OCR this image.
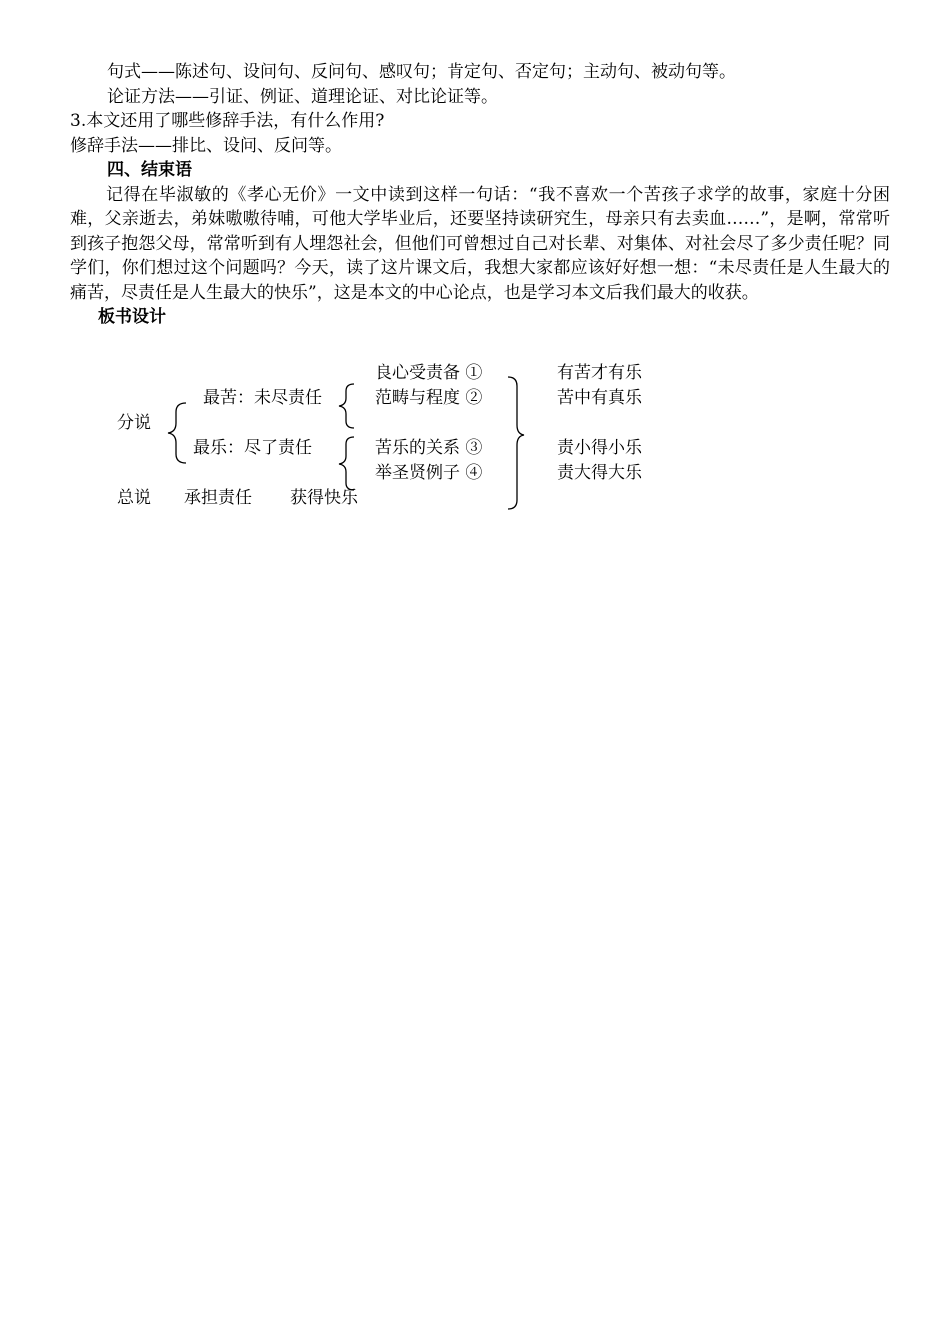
句式——陈述句、设问句、反问句、感叹句；肯定句、否定句；主动句、被动句等。
论证方法——引证、例证、道理论证、对比论证等。
3.本文还用了哪些修辞手法，有什么作用?
修辞手法——排比、设问、反问等。
四、结束语
记得在毕淑敏的《孝心无价》一文中读到这样一句话：“我不喜欢一个苦孩子求学的故事，家庭十分困难，父亲逝去，弟妹嗷嗷待哺，可他大学毕业后，还要坚持读研究生，母亲只有去卖血……”，是啊，常常听到孩子抱怨父母，常常听到有人埋怨社会，但他们可曾想过自己对长辈、对集体、对社会尽了多少责任呢？同学们，你们想过这个问题吗？今天，读了这片课文后，我想大家都应该好好想一想：“未尽责任是人生最大的痛苦，尽责任是人生最大的快乐”，这是本文的中心论点，也是学习本文后我们最大的收获。
板书设计
分说
最苦：未尽责任
最乐：尽了责任
良心受责备 ①
范畴与程度 ②
苦乐的关系 ③
举圣贤例子 ④
有苦才有乐
苦中有真乐
责小得小乐
责大得大乐
总说 承担责任 获得快乐
